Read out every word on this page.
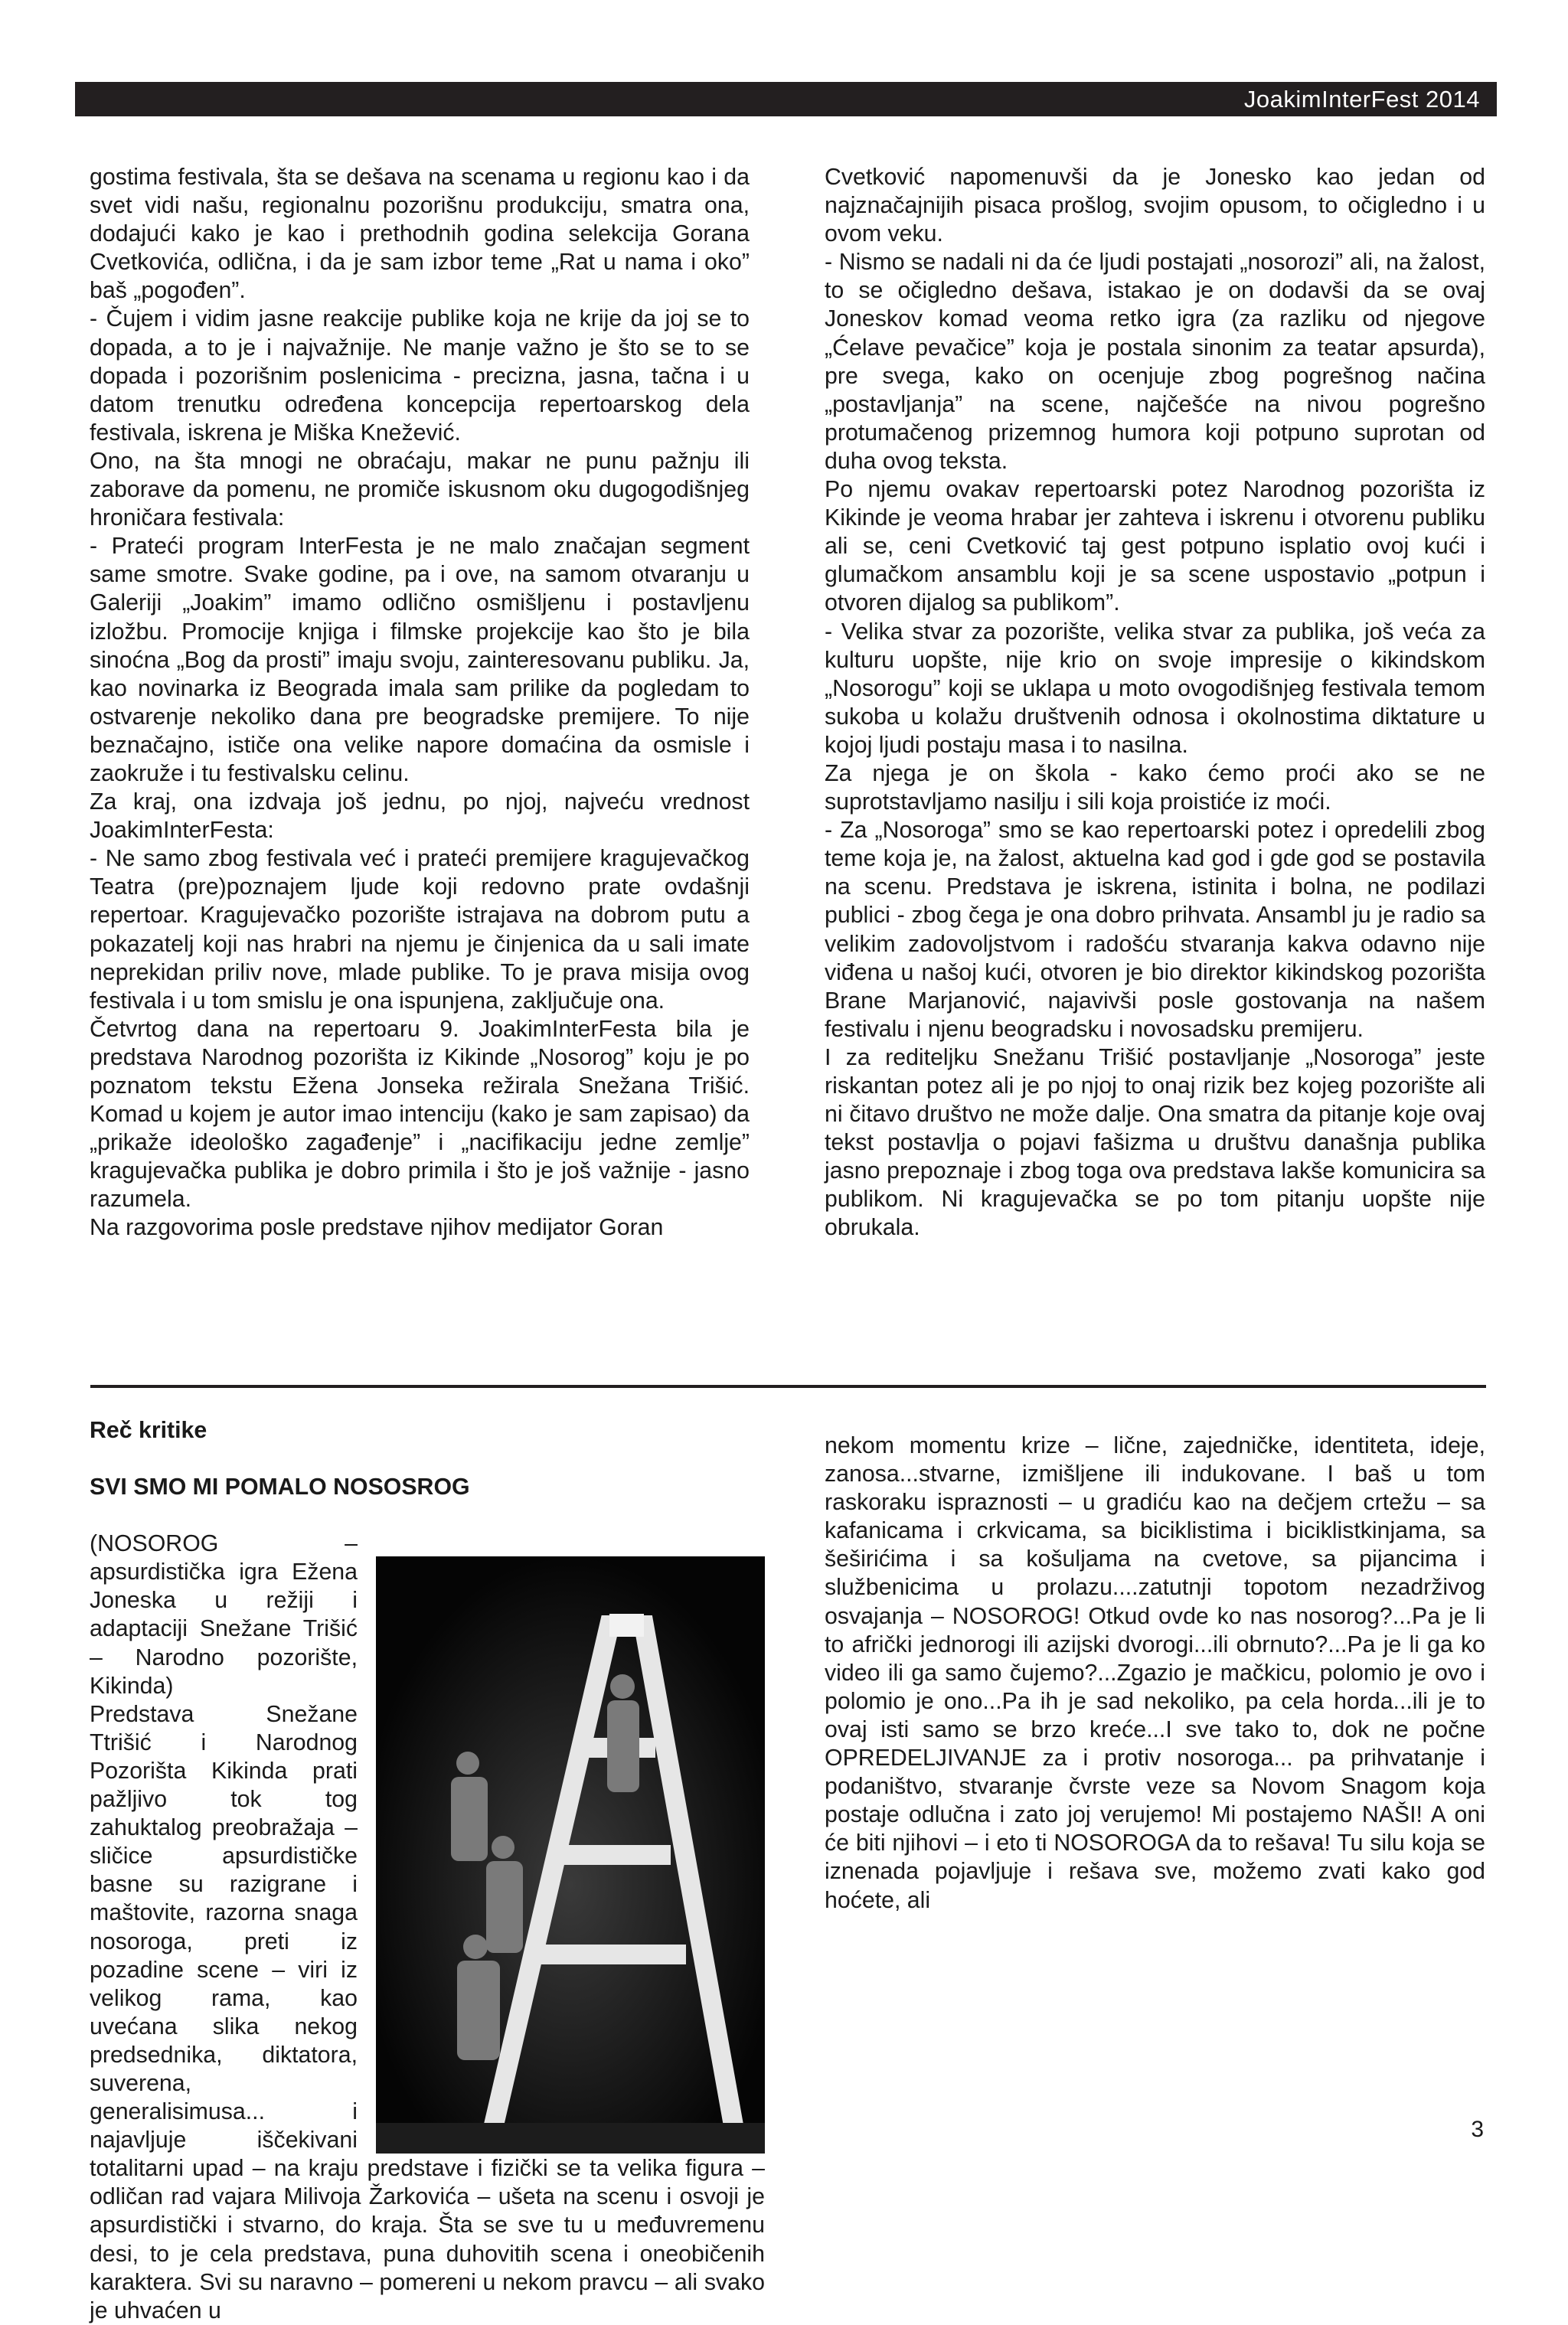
JoakimInterFest 2014

gostima festivala, šta se dešava na scenama u regionu kao i da svet vidi našu, regionalnu pozorišnu produkciju, smatra ona, dodajući kako je kao i prethodnih godina selekcija Gorana Cvetkovića, odlična, i da je sam izbor teme „Rat u nama i oko” baš „pogođen”.

- Čujem i vidim jasne reakcije publike koja ne krije da joj se to dopada, a to je i najvažnije. Ne manje važno je što se to se dopada i pozorišnim poslenicima - precizna, jasna, tačna i u datom trenutku određena koncepcija repertoarskog dela festivala, iskrena je Miška Knežević.

Ono, na šta mnogi ne obraćaju, makar ne punu pažnju ili zaborave da pomenu, ne promiče iskusnom oku dugogodišnjeg hroničara festivala:

- Prateći program InterFesta je ne malo značajan segment same smotre. Svake godine, pa i ove, na samom otvaranju u Galeriji „Joakim” imamo odlično osmišljenu i postavljenu izložbu. Promocije knjiga i filmske projekcije kao što je bila sinoćna „Bog da prosti” imaju svoju, zainteresovanu publiku. Ja, kao novinarka iz Beograda imala sam prilike da pogledam to ostvarenje nekoliko dana pre beogradske premijere. To nije beznačajno, ističe ona velike napore domaćina da osmisle i zaokruže i tu festivalsku celinu.

Za kraj, ona izdvaja još jednu, po njoj, najveću vrednost JoakimInterFesta:

- Ne samo zbog festivala već i prateći premijere kragujevačkog Teatra (pre)poznajem ljude koji redovno prate ovdašnji repertoar. Kragujevačko pozorište istrajava na dobrom putu a pokazatelj koji nas hrabri na njemu je činjenica da u sali imate neprekidan priliv nove, mlade publike. To je prava misija ovog festivala i u tom smislu je ona ispunjena, zaključuje ona.

Četvrtog dana na repertoaru 9. JoakimInterFesta bila je predstava Narodnog pozorišta iz Kikinde „Nosorog” koju je po poznatom tekstu Ežena Jonseka režirala Snežana Trišić. Komad u kojem je autor imao intenciju (kako je sam zapisao) da „prikaže ideološko zagađenje” i „nacifikaciju jedne zemlje” kragujevačka publika je dobro primila i što je još važnije - jasno razumela.

Na razgovorima posle predstave njihov medijator Goran

Cvetković napomenuvši da je Jonesko kao jedan od najznačajnijih pisaca prošlog, svojim opusom, to očigledno i u ovom veku.

- Nismo se nadali ni da će ljudi postajati „nosorozi” ali, na žalost, to se očigledno dešava, istakao je on dodavši da se ovaj Joneskov komad veoma retko igra (za razliku od njegove „Ćelave pevačice” koja je postala sinonim za teatar apsurda), pre svega, kako on ocenjuje zbog pogrešnog načina „postavljanja” na scene, najčešće na nivou pogrešno protumačenog prizemnog humora koji potpuno suprotan od duha ovog teksta.

Po njemu ovakav repertoarski potez Narodnog pozorišta iz Kikinde je veoma hrabar jer zahteva i iskrenu i otvorenu publiku ali se, ceni Cvetković taj gest potpuno isplatio ovoj kući i glumačkom ansamblu koji je sa scene uspostavio „potpun i otvoren dijalog sa publikom”.

- Velika stvar za pozorište, velika stvar za publika, još veća za kulturu uopšte, nije krio on svoje impresije o kikindskom „Nosorogu” koji se uklapa u moto ovogodišnjeg festivala temom sukoba u kolažu društvenih odnosa i okolnostima diktature u kojoj ljudi postaju masa i to nasilna.

Za njega je on škola - kako ćemo proći ako se ne suprotstavljamo nasilju i sili koja proistiće iz moći.

- Za „Nosoroga” smo se kao repertoarski potez i opredelili zbog teme koja je, na žalost, aktuelna kad god i gde god se postavila na scenu. Predstava je iskrena, istinita i bolna, ne podilazi publici - zbog čega je ona dobro prihvata. Ansambl ju je radio sa velikim zadovoljstvom i radošću stvaranja kakva odavno nije viđena u našoj kući, otvoren je bio direktor kikindskog pozorišta Brane Marjanović, najavivši posle gostovanja na našem festivalu i njenu beogradsku i novosadsku premijeru.

I za rediteljku Snežanu Trišić postavljanje „Nosoroga” jeste riskantan potez ali je po njoj to onaj rizik bez kojeg pozorište ali ni čitavo društvo ne može dalje. Ona smatra da pitanje koje ovaj tekst postavlja o pojavi fašizma u društvu današnja publika jasno prepoznaje i zbog toga ova predstava lakše komunicira sa publikom. Ni kragujevačka se po tom pitanju uopšte nije obrukala.

Reč kritike

SVI SMO MI POMALO NOSOSROG

(NOSOROG – apsurdistička igra Ežena Joneska u režiji i adaptaciji Snežane Trišić – Narodno pozorište, Kikinda)

Predstava Snežane Ttrišić i Narodnog Pozorišta Kikinda prati pažljivo tok tog zahuktalog preobražaja – sličice apsurdističke basne su razigrane i maštovite, razorna snaga nosoroga, preti iz pozadine scene – viri iz velikog rama, kao uvećana slika nekog predsednika, diktatora, suverena, generalisimusa... i najavljuje iščekivani totalitarni upad – na kraju predstave i fizički se ta velika figura – odličan rad vajara Milivoja Žarkovića – ušeta na scenu i osvoji je apsurdistički i stvarno, do kraja. Šta se sve tu u međuvremenu desi, to je cela predstava, puna duhovitih scena i oneobičenih karaktera. Svi su naravno – pomereni u nekom pravcu – ali svako je uhvaćen u

nekom momentu krize – lične, zajedničke, identiteta, ideje, zanosa...stvarne, izmišljene ili indukovane. I baš u tom raskoraku ispraznosti – u gradiću kao na dečjem crtežu – sa kafanicama i crkvicama, sa biciklistima i biciklistkinjama, sa šeširićima i sa košuljama na cvetove, sa pijancima i službenicima u prolazu....zatutnji topotom nezadrživog osvajanja – NOSOROG! Otkud ovde ko nas nosorog?...Pa je li to afrički jednorogi ili azijski dvorogi...ili obrnuto?...Pa je li ga ko video ili ga samo čujemo?...Zgazio je mačkicu, polomio je ovo i polomio je ono...Pa ih je sad nekoliko, pa cela horda...ili je to ovaj isti samo se brzo kreće...I sve tako to, dok ne počne OPREDELJIVANJE za i protiv nosoroga... pa prihvatanje i podaništvo, stvaranje čvrste veze sa Novom Snagom koja postaje odlučna i zato joj verujemo! Mi postajemo NAŠI! A oni će biti njihovi – i eto ti NOSOROGA da to rešava! Tu silu koja se iznenada pojavljuje i rešava sve, možemo zvati kako god hoćete, ali

3
